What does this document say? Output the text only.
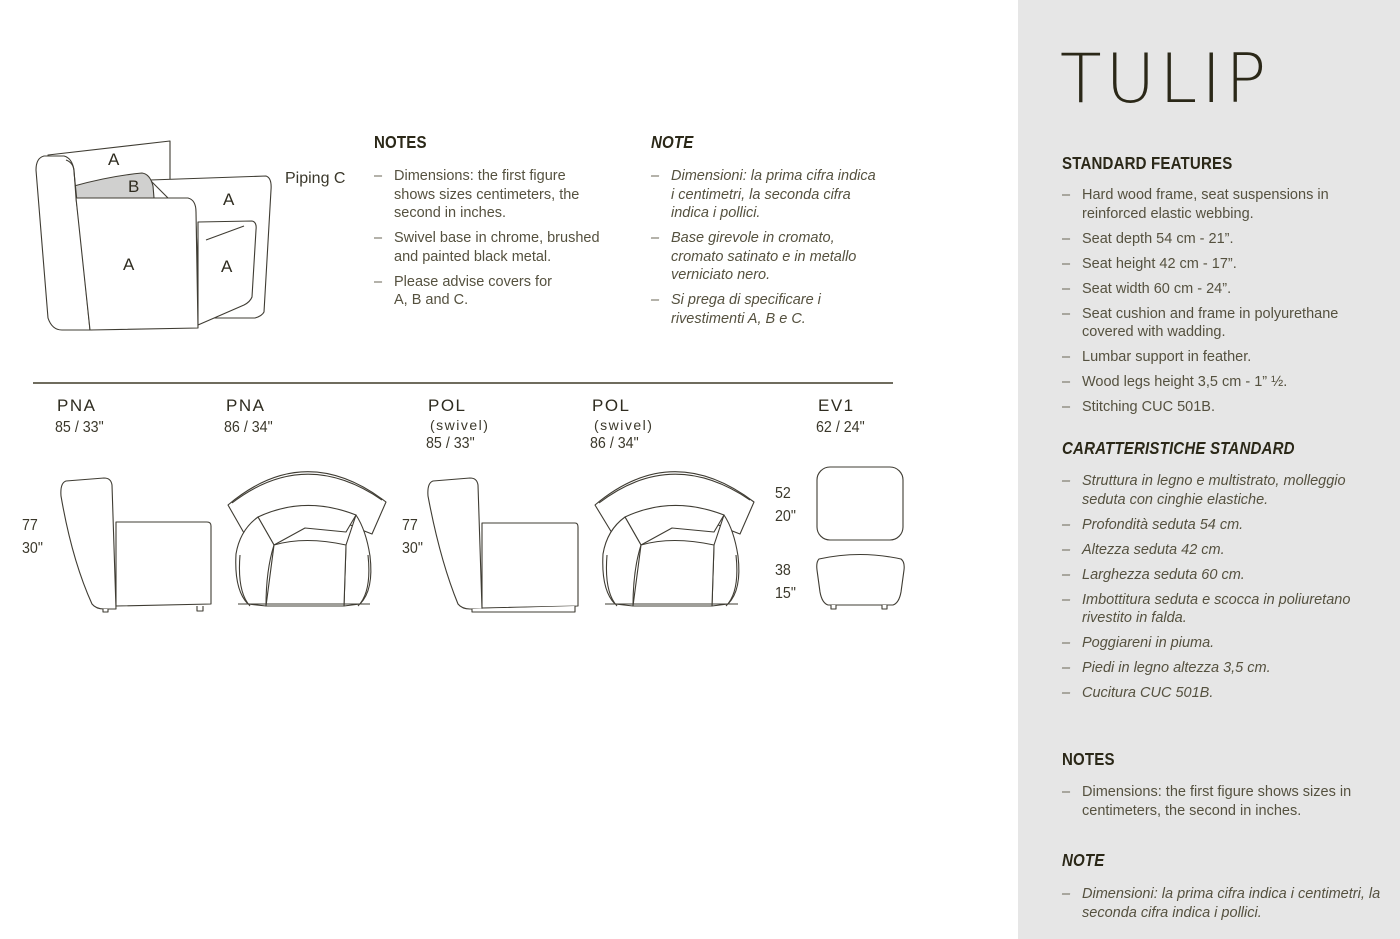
TULIP
STANDARD FEATURES
– Hard wood frame, seat suspensions in reinforced elastic webbing.
– Seat depth 54 cm - 21”.
– Seat height 42 cm - 17”.
– Seat width 60 cm - 24”.
– Seat cushion and frame in polyurethane covered with wadding.
– Lumbar support in feather.
– Wood legs height 3,5 cm - 1” ½.
– Stitching CUC 501B.
CARATTERISTICHE STANDARD
– Struttura in legno e multistrato, molleggio seduta con cinghie elastiche.
– Profondità seduta 54 cm.
– Altezza seduta 42 cm.
– Larghezza seduta 60 cm.
– Imbottitura seduta e scocca in poliuretano rivestito in falda.
– Poggiareni in piuma.
– Piedi in legno altezza 3,5 cm.
– Cucitura CUC 501B.
NOTES
– Dimensions: the first figure shows sizes in centimeters, the second in inches.
NOTE
– Dimensioni: la prima cifra indica i centimetri, la seconda cifra indica i pollici.
A
B
A
A	A
Piping C
NOTES
– Dimensions: the first figure shows sizes centimeters, the second in inches.
– Swivel base in chrome, brushed and painted black metal.
– Please advise covers for A, B and C.
NOTE
– Dimensioni: la prima cifra indica i centimetri, la seconda cifra indica i pollici.
– Base girevole in cromato, cromato satinato e in metallo verniciato nero.
– Si prega di specificare i rivestimenti A, B e C.
PNA
85 / 33"
PNA
86 / 34"
POL
(swivel)
85 / 33"
POL
(swivel)
86 / 34"
EV1
62 / 24"
77
30"
77
30"
52
20"
38
15"
